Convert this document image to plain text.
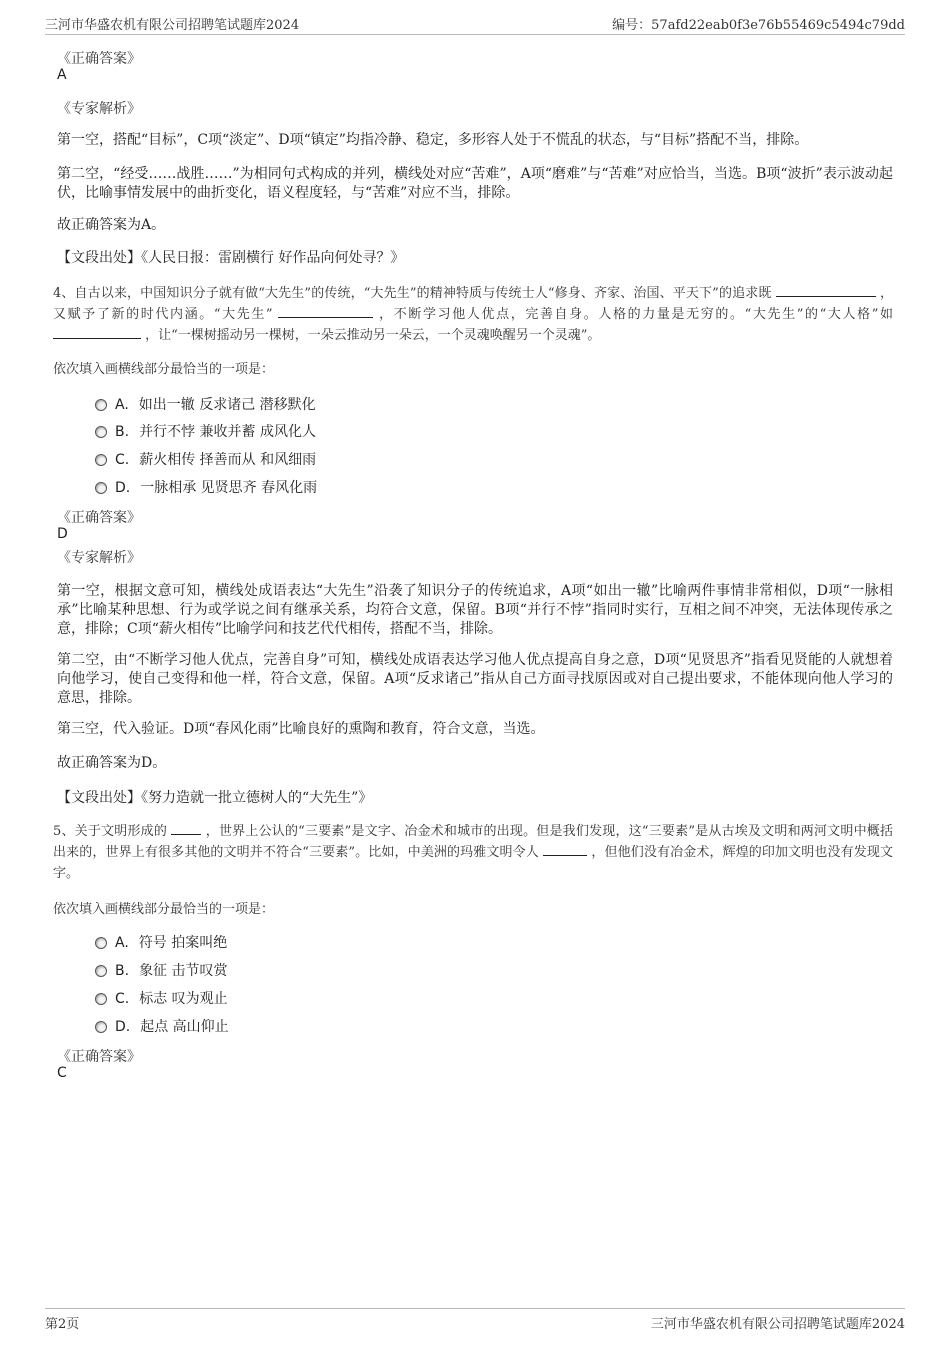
三河市华盛农机有限公司招聘笔试题库2024	编号：57afd22eab0f3e76b55469c5494c79dd
《正确答案》
A
《专家解析》
第一空，搭配“目标”，C项“淡定”、D项“镇定”均指冷静、稳定，多形容人处于不慌乱的状态，与“目标”搭配不当，排除。
第二空，“经受……战胜……”为相同句式构成的并列，横线处对应“苦难”，A项“磨难”与“苦难”对应恰当，当选。B项“波折”表示波动起伏，比喻事情发展中的曲折变化，语义程度轻，与“苦难”对应不当，排除。
故正确答案为A。
【文段出处】《人民日报：雷剧横行 好作品向何处寻？》
4、自古以来，中国知识分子就有做“大先生”的传统，“大先生”的精神特质与传统士人“修身、齐家、治国、平天下”的追求既	，又赋予了新的时代内涵。“大先生”	，不断学习他人优点，完善自身。人格的力量是无穷的。“大先生”的“大人格”如  ，让“一棵树摇动另一棵树，一朵云推动另一朵云，一个灵魂唤醒另一个灵魂”。
依次填入画横线部分最恰当的一项是：
A. 如出一辙 反求诸己 潜移默化
B. 并行不悖 兼收并蓄 成风化人
C. 薪火相传 择善而从 和风细雨
D. 一脉相承 见贤思齐 春风化雨
《正确答案》
D
《专家解析》
第一空，根据文意可知，横线处成语表达“大先生”沿袭了知识分子的传统追求，A项“如出一辙”比喻两件事情非常相似，D项“一脉相承”比喻某种思想、行为或学说之间有继承关系，均符合文意，保留。B项“并行不悖”指同时实行，互相之间不冲突，无法体现传承之意，排除；C项“薪火相传”比喻学问和技艺代代相传，搭配不当，排除。
第二空，由“不断学习他人优点，完善自身”可知，横线处成语表达学习他人优点提高自身之意，D项“见贤思齐”指看见贤能的人就想着向他学习，使自己变得和他一样，符合文意，保留。A项“反求诸己”指从自己方面寻找原因或对自己提出要求，不能体现向他人学习的意思，排除。
第三空，代入验证。D项“春风化雨”比喻良好的熏陶和教育，符合文意，当选。
故正确答案为D。
【文段出处】《努力造就一批立德树人的“大先生”》
5、关于文明形成的	，世界上公认的“三要素”是文字、冶金术和城市的出现。但是我们发现，这“三要素”是从古埃及文明和两河文明中概括出来的，世界上有很多其他的文明并不符合“三要素”。比如，中美洲的玛雅文明令人	，但他们没有冶金术，辉煌的印加文明也没有发现文字。
依次填入画横线部分最恰当的一项是：
A. 符号 拍案叫绝
B. 象征 击节叹赏
C. 标志 叹为观止
D. 起点 高山仰止
《正确答案》
C
第2页	三河市华盛农机有限公司招聘笔试题库2024
